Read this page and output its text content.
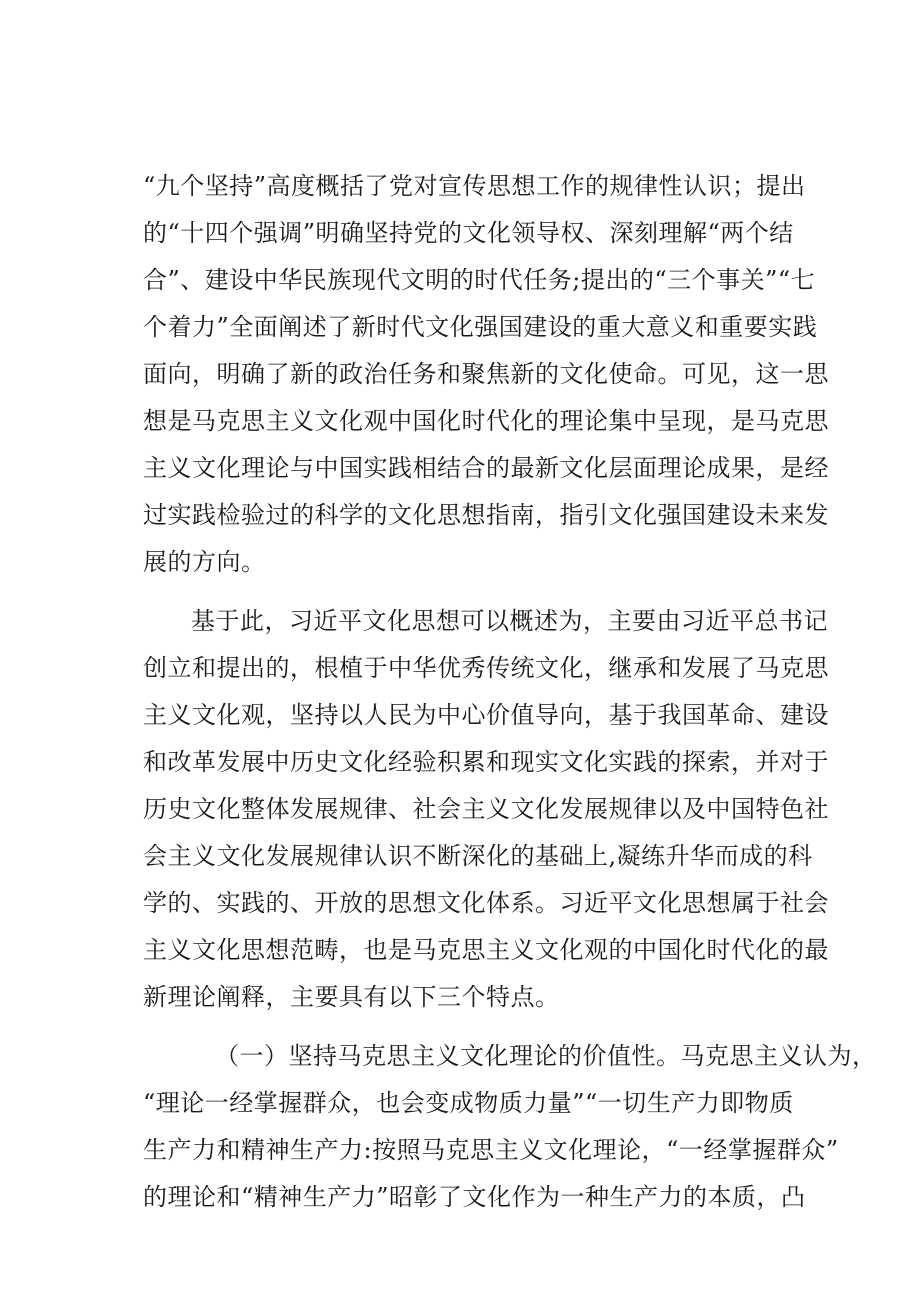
“九个坚持”高度概括了党对宣传思想工作的规律性认识；提出
的“十四个强调”明确坚持党的文化领导权、深刻理解“两个结
合”、建设中华民族现代文明的时代任务;提出的“三个事关”“七
个着力”全面阐述了新时代文化强国建设的重大意义和重要实践
面向，明确了新的政治任务和聚焦新的文化使命。可见，这一思
想是马克思主义文化观中国化时代化的理论集中呈现，是马克思
主义文化理论与中国实践相结合的最新文化层面理论成果，是经
过实践检验过的科学的文化思想指南，指引文化强国建设未来发
展的方向。
基于此，习近平文化思想可以概述为，主要由习近平总书记
创立和提出的，根植于中华优秀传统文化，继承和发展了马克思
主义文化观，坚持以人民为中心价值导向，基于我国革命、建设
和改革发展中历史文化经验积累和现实文化实践的探索，并对于
历史文化整体发展规律、社会主义文化发展规律以及中国特色社
会主义文化发展规律认识不断深化的基础上,凝练升华而成的科
学的、实践的、开放的思想文化体系。习近平文化思想属于社会
主义文化思想范畴，也是马克思主义文化观的中国化时代化的最
新理论阐释，主要具有以下三个特点。
（一）坚持马克思主义文化理论的价值性。马克思主义认为，
“理论一经掌握群众，也会变成物质力量”“一切生产力即物质
生产力和精神生产力:按照马克思主义文化理论，“一经掌握群众”
的理论和“精神生产力”昭彰了文化作为一种生产力的本质，凸
